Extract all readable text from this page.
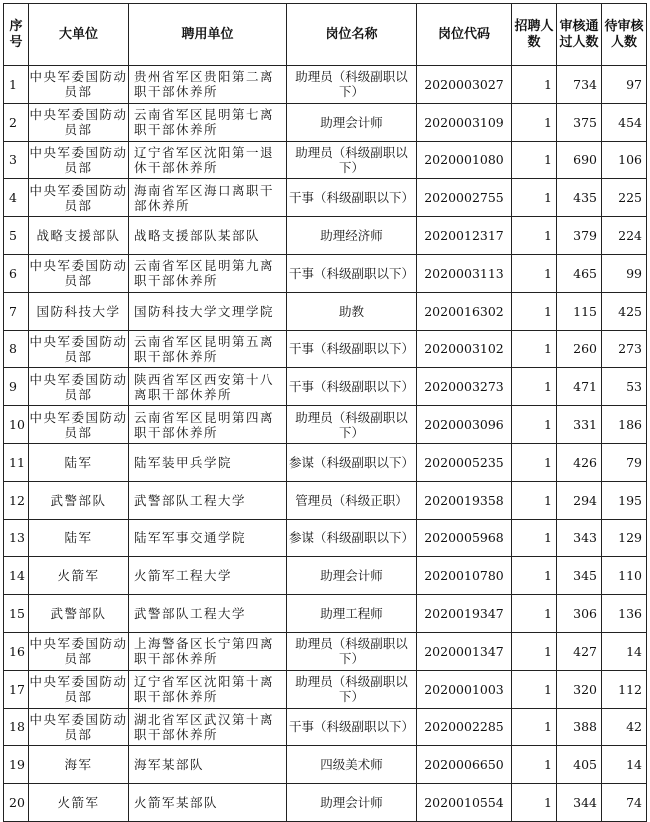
序号	大单位	聘用单位	岗位名称	岗位代码	招聘人数	审核通过人数	待审核人数
1	中央军委国防动员部	贵州省军区贵阳第二离职干部休养所	助理员（科级副职以下）	2020003027	1	734	97
2	中央军委国防动员部	云南省军区昆明第七离职干部休养所	助理会计师	2020003109	1	375	454
3	中央军委国防动员部	辽宁省军区沈阳第一退休干部休养所	助理员（科级副职以下）	2020001080	1	690	106
4	中央军委国防动员部	海南省军区海口离职干部休养所	干事（科级副职以下）	2020002755	1	435	225
5	战略支援部队	战略支援部队某部队	助理经济师	2020012317	1	379	224
6	中央军委国防动员部	云南省军区昆明第九离职干部休养所	干事（科级副职以下）	2020003113	1	465	99
7	国防科技大学	国防科技大学文理学院	助教	2020016302	1	115	425
8	中央军委国防动员部	云南省军区昆明第五离职干部休养所	干事（科级副职以下）	2020003102	1	260	273
9	中央军委国防动员部	陕西省军区西安第十八离职干部休养所	干事（科级副职以下）	2020003273	1	471	53
10	中央军委国防动员部	云南省军区昆明第四离职干部休养所	助理员（科级副职以下）	2020003096	1	331	186
11	陆军	陆军装甲兵学院	参谋（科级副职以下）	2020005235	1	426	79
12	武警部队	武警部队工程大学	管理员（科级正职）	2020019358	1	294	195
13	陆军	陆军军事交通学院	参谋（科级副职以下）	2020005968	1	343	129
14	火箭军	火箭军工程大学	助理会计师	2020010780	1	345	110
15	武警部队	武警部队工程大学	助理工程师	2020019347	1	306	136
16	中央军委国防动员部	上海警备区长宁第四离职干部休养所	助理员（科级副职以下）	2020001347	1	427	14
17	中央军委国防动员部	辽宁省军区沈阳第十离职干部休养所	助理员（科级副职以下）	2020001003	1	320	112
18	中央军委国防动员部	湖北省军区武汉第十离职干部休养所	干事（科级副职以下）	2020002285	1	388	42
19	海军	海军某部队	四级美术师	2020006650	1	405	14
20	火箭军	火箭军某部队	助理会计师	2020010554	1	344	74
